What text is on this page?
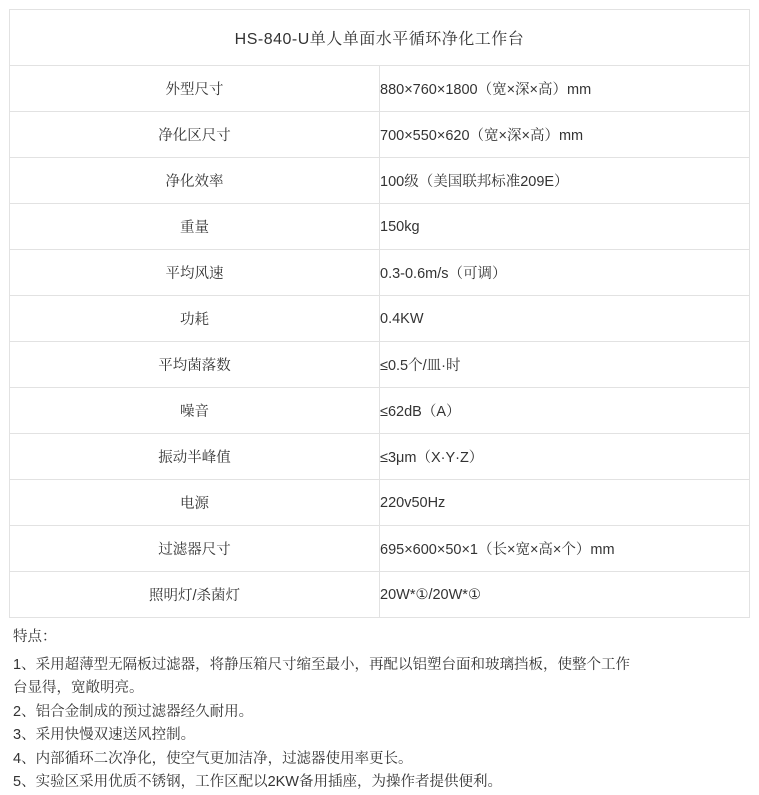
HS-840-U单人单面水平循环净化工作台	
外型尺寸	880×760×1800（宽×深×高）mm
净化区尺寸	700×550×620（宽×深×高）mm
净化效率	100级（美国联邦标准209E）
重量	150kg
平均风速	0.3-0.6m/s（可调）
功耗	0.4KW
平均菌落数	≤0.5个/皿·时
噪音	≤62dB（A）
振动半峰值	≤3μm（X·Y·Z）
电源	220v50Hz
过滤器尺寸	695×600×50×1（长×宽×高×个）mm
照明灯/杀菌灯	20W*①/20W*①
特点：
1、采用超薄型无隔板过滤器，将静压箱尺寸缩至最小，再配以铝塑台面和玻璃挡板，使整个工作
台显得，宽敞明亮。
2、铝合金制成的预过滤器经久耐用。
3、采用快慢双速送风控制。
4、内部循环二次净化，使空气更加洁净，过滤器使用率更长。
5、实验区采用优质不锈钢，工作区配以2KW备用插座，为操作者提供便利。
